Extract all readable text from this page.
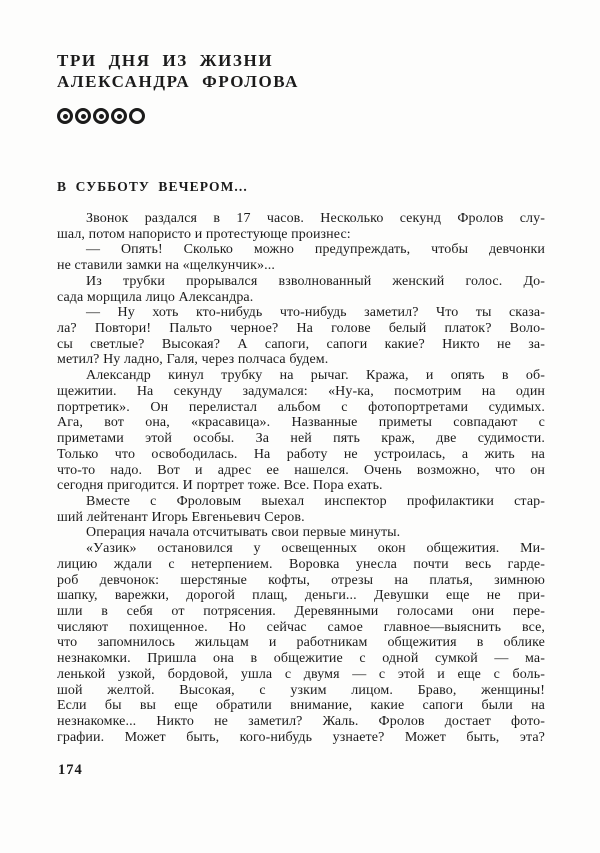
ТРИ ДНЯ ИЗ ЖИЗНИ
АЛЕКСАНДРА ФРОЛОВА
В СУББОТУ ВЕЧЕРОМ...
Звонок раздался в 17 часов. Несколько секунд Фролов слу-
шал, потом напористо и протестующе произнес:
— Опять! Сколько можно предупреждать, чтобы девчонки
не ставили замки на «щелкунчик»...
Из трубки прорывался взволнованный женский голос. До-
сада морщила лицо Александра.
— Ну хоть кто-нибудь что-нибудь заметил? Что ты сказа-
ла? Повтори! Пальто черное? На голове белый платок? Воло-
сы светлые? Высокая? А сапоги, сапоги какие? Никто не за-
метил? Ну ладно, Галя, через полчаса будем.
Александр кинул трубку на рычаг. Кража, и опять в об-
щежитии. На секунду задумался: «Ну-ка, посмотрим на один
портретик». Он перелистал альбом с фотопортретами судимых.
Ага, вот она, «красавица». Названные приметы совпадают с
приметами этой особы. За ней пять краж, две судимости.
Только что освободилась. На работу не устроилась, а жить на
что-то надо. Вот и адрес ее нашелся. Очень возможно, что он
сегодня пригодится. И портрет тоже. Все. Пора ехать.
Вместе с Фроловым выехал инспектор профилактики стар-
ший лейтенант Игорь Евгеньевич Серов.
Операция начала отсчитывать свои первые минуты.
«Уазик» остановился у освещенных окон общежития. Ми-
лицию ждали с нетерпением. Воровка унесла почти весь гарде-
роб девчонок: шерстяные кофты, отрезы на платья, зимнюю
шапку, варежки, дорогой плащ, деньги... Девушки еще не при-
шли в себя от потрясения. Деревянными голосами они пере-
числяют похищенное. Но сейчас самое главное—выяснить все,
что запомнилось жильцам и работникам общежития в облике
незнакомки. Пришла она в общежитие с одной сумкой — ма-
ленькой узкой, бордовой, ушла с двумя — с этой и еще с боль-
шой желтой. Высокая, с узким лицом. Браво, женщины!
Если бы вы еще обратили внимание, какие сапоги были на
незнакомке... Никто не заметил? Жаль. Фролов достает фото-
графии. Может быть, кого-нибудь узнаете? Может быть, эта?
174
